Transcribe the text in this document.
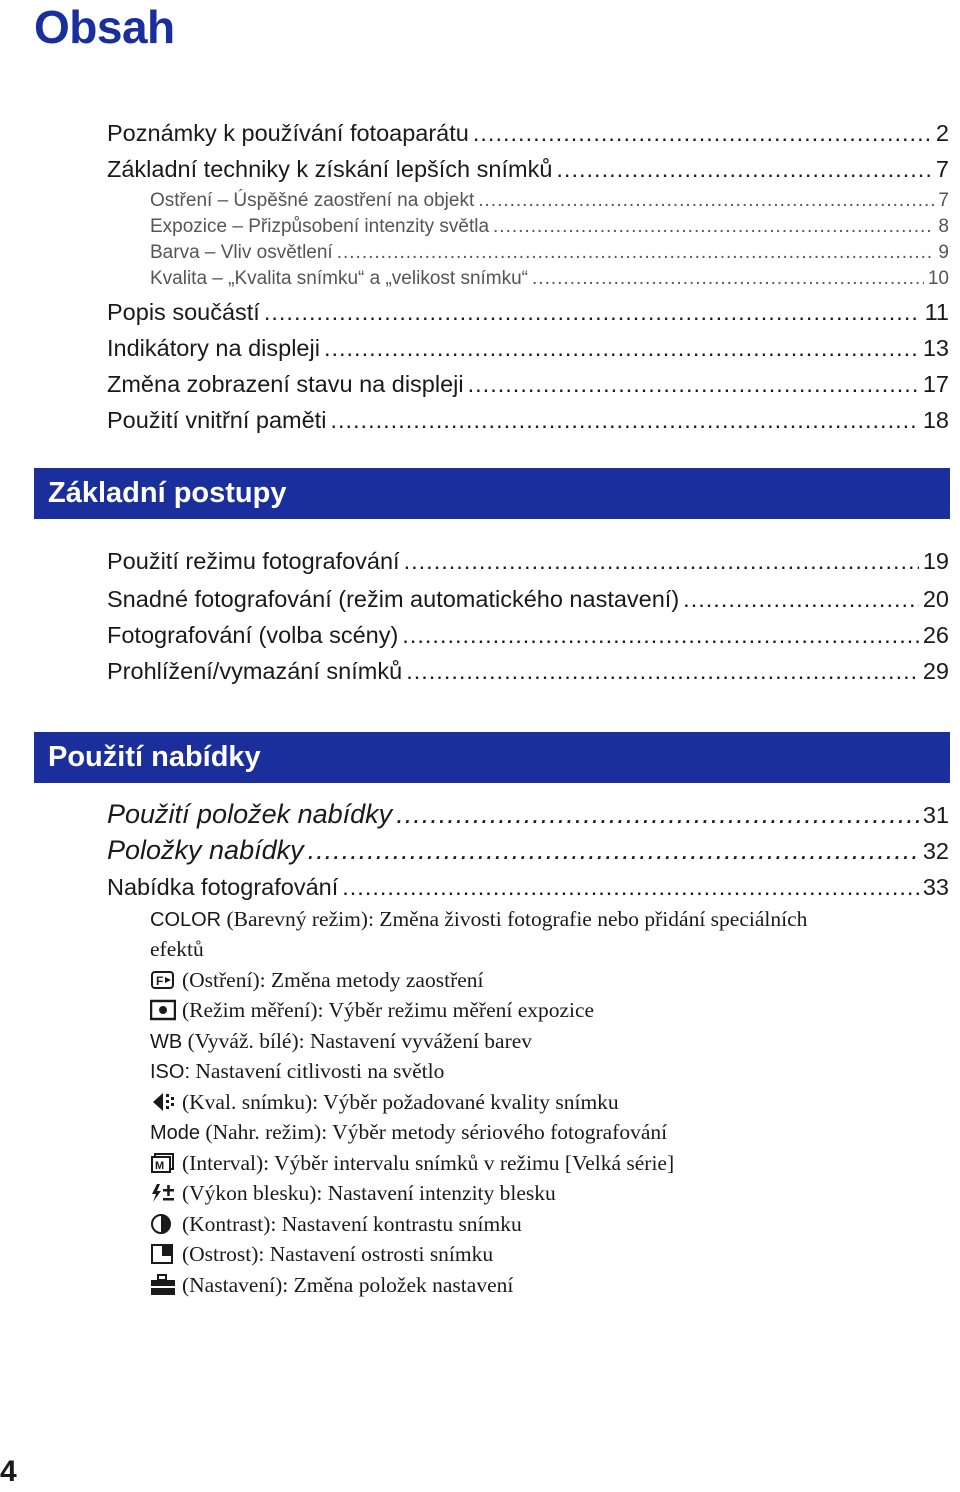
Obsah
Poznámky k používání fotoaparátu .....	2
Základní techniky k získání lepších snímků .....	7
Ostření – Úspěšné zaostření na objekt .....	7
Expozice – Přizpůsobení intenzity světla .....	8
Barva – Vliv osvětlení .....	9
Kvalita – „Kvalita snímku“ a „velikost snímku“ .....	10
Popis součástí .....	11
Indikátory na displeji .....	13
Změna zobrazení stavu na displeji .....	17
Použití vnitřní paměti .....	18
Základní postupy
Použití režimu fotografování .....	19
Snadné fotografování (režim automatického nastavení) .....	20
Fotografování (volba scény) .....	26
Prohlížení/vymazání snímků .....	29
Použití nabídky
Použití položek nabídky .....	31
Položky nabídky .....	32
Nabídka fotografování .....	33
COLOR (Barevný režim): Změna živosti fotografie nebo přidání speciálních
efektů
F (Ostření): Změna metody zaostření
(Režim měření): Výběr režimu měření expozice
WB (Vyváž. bílé): Nastavení vyvážení barev
ISO: Nastavení citlivosti na světlo
(Kval. snímku): Výběr požadované kvality snímku
Mode (Nahr. režim): Výběr metody sériového fotografování
M (Interval): Výběr intervalu snímků v režimu [Velká série]
(Výkon blesku): Nastavení intenzity blesku
(Kontrast): Nastavení kontrastu snímku
(Ostrost): Nastavení ostrosti snímku
(Nastavení): Změna položek nastavení
4
